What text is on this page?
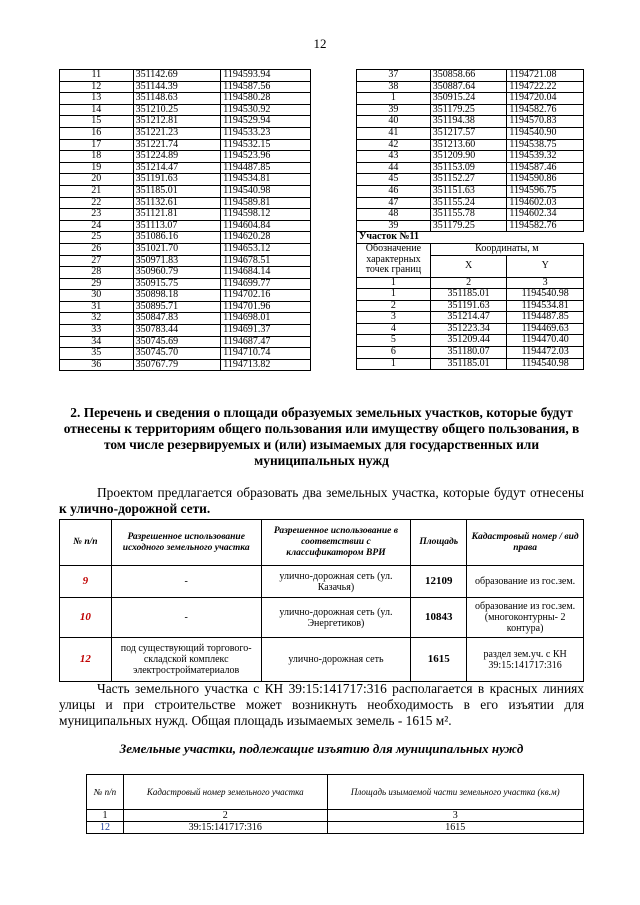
12
11	351142.69	1194593.94
12	351144.39	1194587.56
13	351148.63	1194580.28
14	351210.25	1194530.92
15	351212.81	1194529.94
16	351221.23	1194533.23
17	351221.74	1194532.15
18	351224.89	1194523.96
19	351214.47	1194487.85
20	351191.63	1194534.81
21	351185.01	1194540.98
22	351132.61	1194589.81
23	351121.81	1194598.12
24	351113.07	1194604.84
25	351086.16	1194620.28
26	351021.70	1194653.12
27	350971.83	1194678.51
28	350960.79	1194684.14
29	350915.75	1194699.77
30	350898.18	1194702.16
31	350895.71	1194701.96
32	350847.83	1194698.01
33	350783.44	1194691.37
34	350745.69	1194687.47
35	350745.70	1194710.74
36	350767.79	1194713.82
37	350858.66	1194721.08
38	350887.64	1194722.22
1	350915.24	1194720.04
39	351179.25	1194582.76
40	351194.38	1194570.83
41	351217.57	1194540.90
42	351213.60	1194538.75
43	351209.90	1194539.32
44	351153.09	1194587.46
45	351152.27	1194590.86
46	351151.63	1194596.75
47	351155.24	1194602.03
48	351155.78	1194602.34
39	351179.25	1194582.76
Участок №11		
Обозначение характерных точек границ	Координаты, м	
	X	Y
1	2	3
1	351185.01	1194540.98
2	351191.63	1194534.81
3	351214.47	1194487.85
4	351223.34	1194469.63
5	351209.44	1194470.40
6	351180.07	1194472.03
1	351185.01	1194540.98
2. Перечень и сведения о площади образуемых земельных участков, которые будут отнесены к территориям общего пользования или имуществу общего пользования, в том числе резервируемых и (или) изымаемых для государственных или муниципальных нужд
Проектом предлагается образовать два земельных участка, которые будут отнесены к улично-дорожной сети.
№ п/п	Разрешенное использование исходного земельного участка	Разрешенное использование в соответствии с классификатором ВРИ	Площадь	Кадастровый номер / вид права
9	-	улично-дорожная сеть (ул. Казачья)	12109	образование из гос.зем.
10	-	улично-дорожная сеть (ул. Энергетиков)	10843	образование из гос.зем. (многоконтурны- 2 контура)
12	под существующий торгового-складской комплекс электростройматериалов	улично-дорожная сеть	1615	раздел зем.уч. с КН 39:15:141717:316
Часть земельного участка с КН 39:15:141717:316 располагается в красных линиях улицы и при строительстве может возникнуть необходимость в его изъятии для муниципальных нужд. Общая площадь изымаемых земель - 1615 м².
Земельные участки, подлежащие изъятию для муниципальных нужд
№ п/п	Кадастровый номер земельного участка	Площадь изымаемой части земельного участка (кв.м)
1	2	3
12	39:15:141717:316	1615
